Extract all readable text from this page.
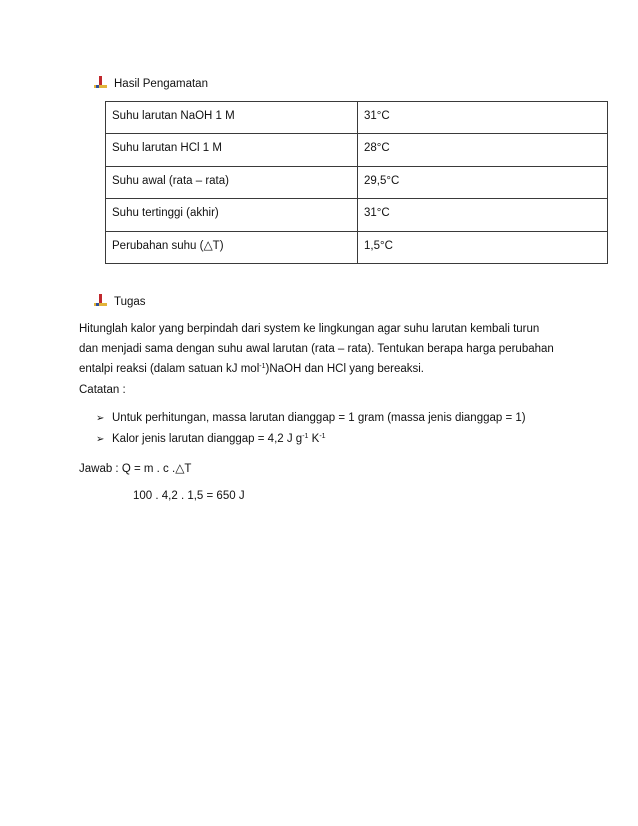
Hasil Pengamatan
Suhu larutan NaOH 1 M	31°C
Suhu larutan HCl 1 M	28°C
Suhu awal (rata – rata)	29,5°C
Suhu tertinggi (akhir)	31°C
Perubahan suhu (△T)	1,5°C
Tugas
Hitunglah kalor yang berpindah dari system ke lingkungan agar suhu larutan kembali turun
dan menjadi sama dengan suhu awal larutan (rata – rata). Tentukan berapa harga perubahan
entalpi reaksi (dalam satuan kJ mol$^{-1}$)NaOH dan HCl yang bereaksi.
Catatan :
➢ Untuk perhitungan, massa larutan dianggap = 1 gram (massa jenis dianggap = 1)
➢ Kalor jenis larutan dianggap = 4,2 J $g^{-1}$ $K^{-1}$
Jawab : Q = m . c .△T
100 . 4,2 . 1,5 = 650 J
